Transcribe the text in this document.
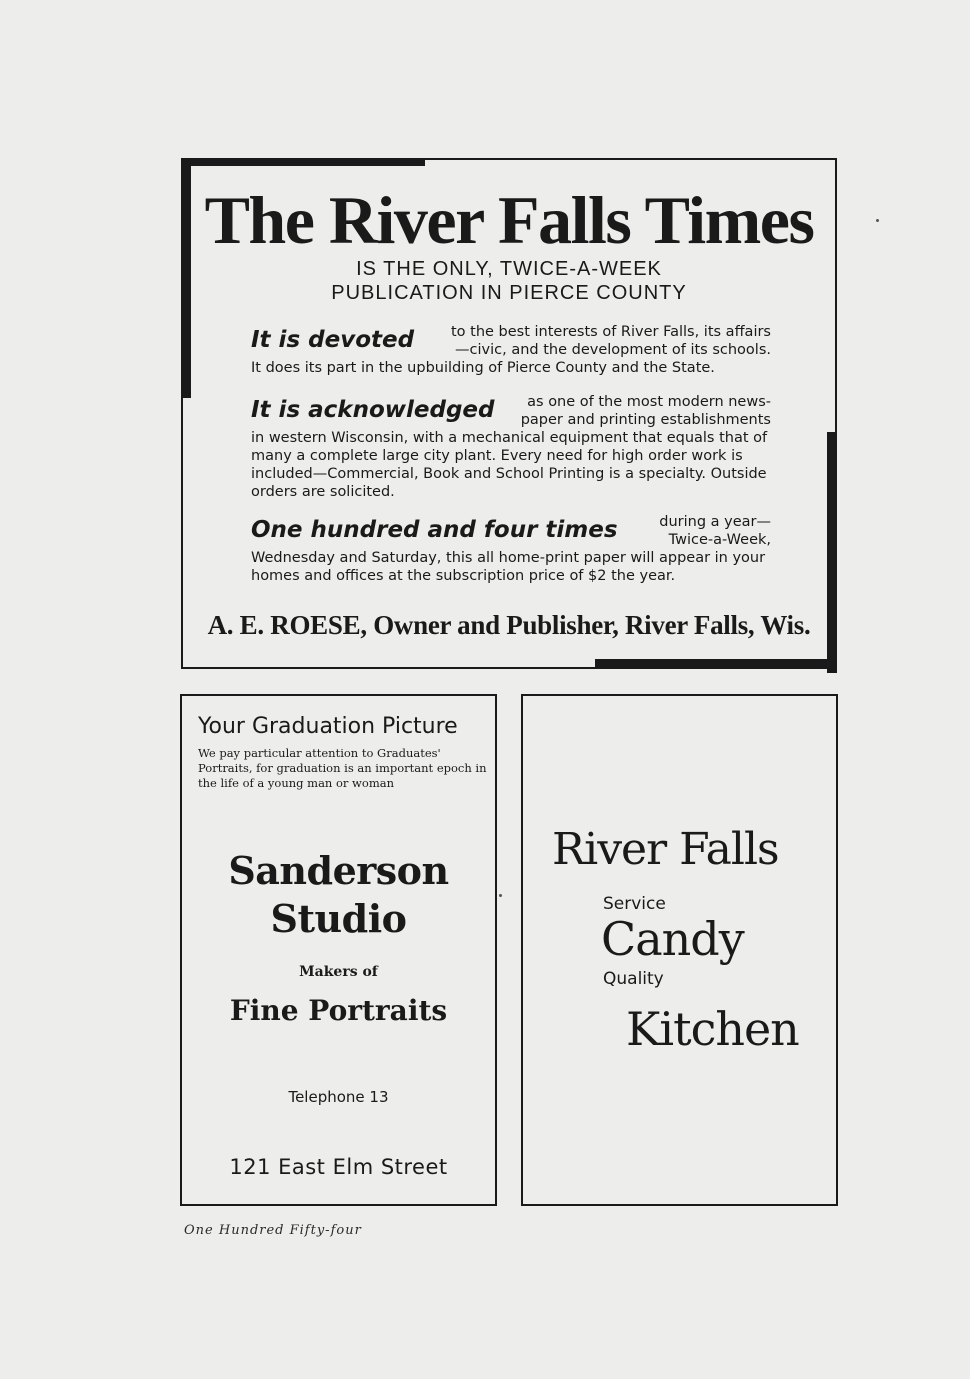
The River Falls Times
IS THE ONLY, TWICE-A-WEEK
PUBLICATION IN PIERCE COUNTY
It is devoted	to the best interests of River Falls, its affairs
—civic, and the development of its schools.
It does its part in the upbuilding of Pierce County and the State.
It is acknowledged	as one of the most modern news-
paper and printing establishments
in western Wisconsin, with a mechanical equipment that equals that of many a complete large city plant. Every need for high order work is included—Commercial, Book and School Printing is a specialty. Outside orders are solicited.
One hundred and four times	during a year—
Twice-a-Week,
Wednesday and Saturday, this all home-print paper will appear in your homes and offices at the subscription price of $2 the year.
A. E. ROESE, Owner and Publisher, River Falls, Wis.
Your Graduation Picture
We pay particular attention to Graduates' Portraits, for graduation is an important epoch in the life of a young man or woman
Sanderson
Studio
Makers of
Fine Portraits
Telephone 13
121 East Elm Street
River Falls
Service
Candy
Quality
Kitchen
One Hundred Fifty-four
